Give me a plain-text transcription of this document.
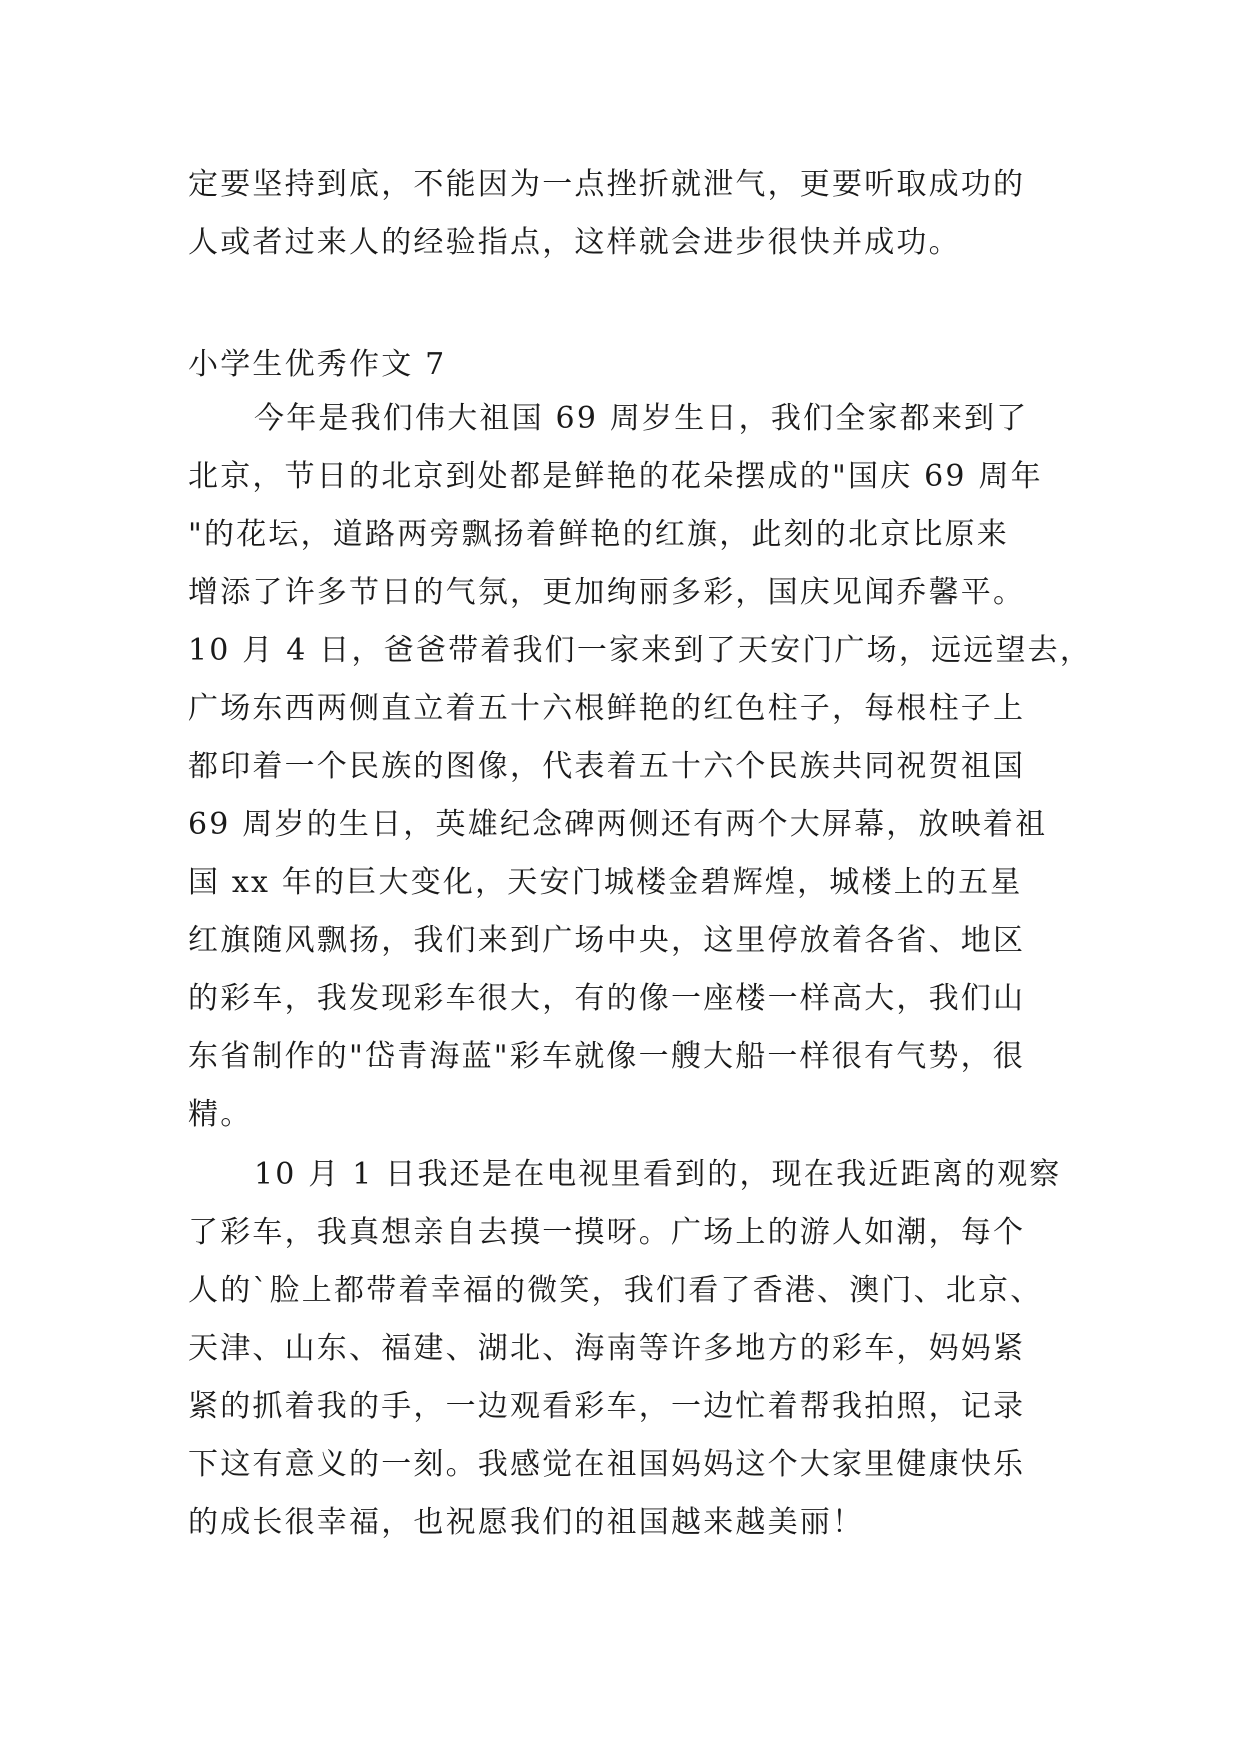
定要坚持到底，不能因为一点挫折就泄气，更要听取成功的
人或者过来人的经验指点，这样就会进步很快并成功。
小学生优秀作文 7
今年是我们伟大祖国 69 周岁生日，我们全家都来到了
北京，节日的北京到处都是鲜艳的花朵摆成的"国庆 69 周年
"的花坛，道路两旁飘扬着鲜艳的红旗，此刻的北京比原来
增添了许多节日的气氛，更加绚丽多彩，国庆见闻乔馨平。
10 月 4 日，爸爸带着我们一家来到了天安门广场，远远望去，
广场东西两侧直立着五十六根鲜艳的红色柱子，每根柱子上
都印着一个民族的图像，代表着五十六个民族共同祝贺祖国
69 周岁的生日，英雄纪念碑两侧还有两个大屏幕，放映着祖
国 xx 年的巨大变化，天安门城楼金碧辉煌，城楼上的五星
红旗随风飘扬，我们来到广场中央，这里停放着各省、地区
的彩车，我发现彩车很大，有的像一座楼一样高大，我们山
东省制作的"岱青海蓝"彩车就像一艘大船一样很有气势，很
精。
10 月 1 日我还是在电视里看到的，现在我近距离的观察
了彩车，我真想亲自去摸一摸呀。广场上的游人如潮，每个
人的`脸上都带着幸福的微笑，我们看了香港、澳门、北京、
天津、山东、福建、湖北、海南等许多地方的彩车，妈妈紧
紧的抓着我的手，一边观看彩车，一边忙着帮我拍照，记录
下这有意义的一刻。我感觉在祖国妈妈这个大家里健康快乐
的成长很幸福，也祝愿我们的祖国越来越美丽！
